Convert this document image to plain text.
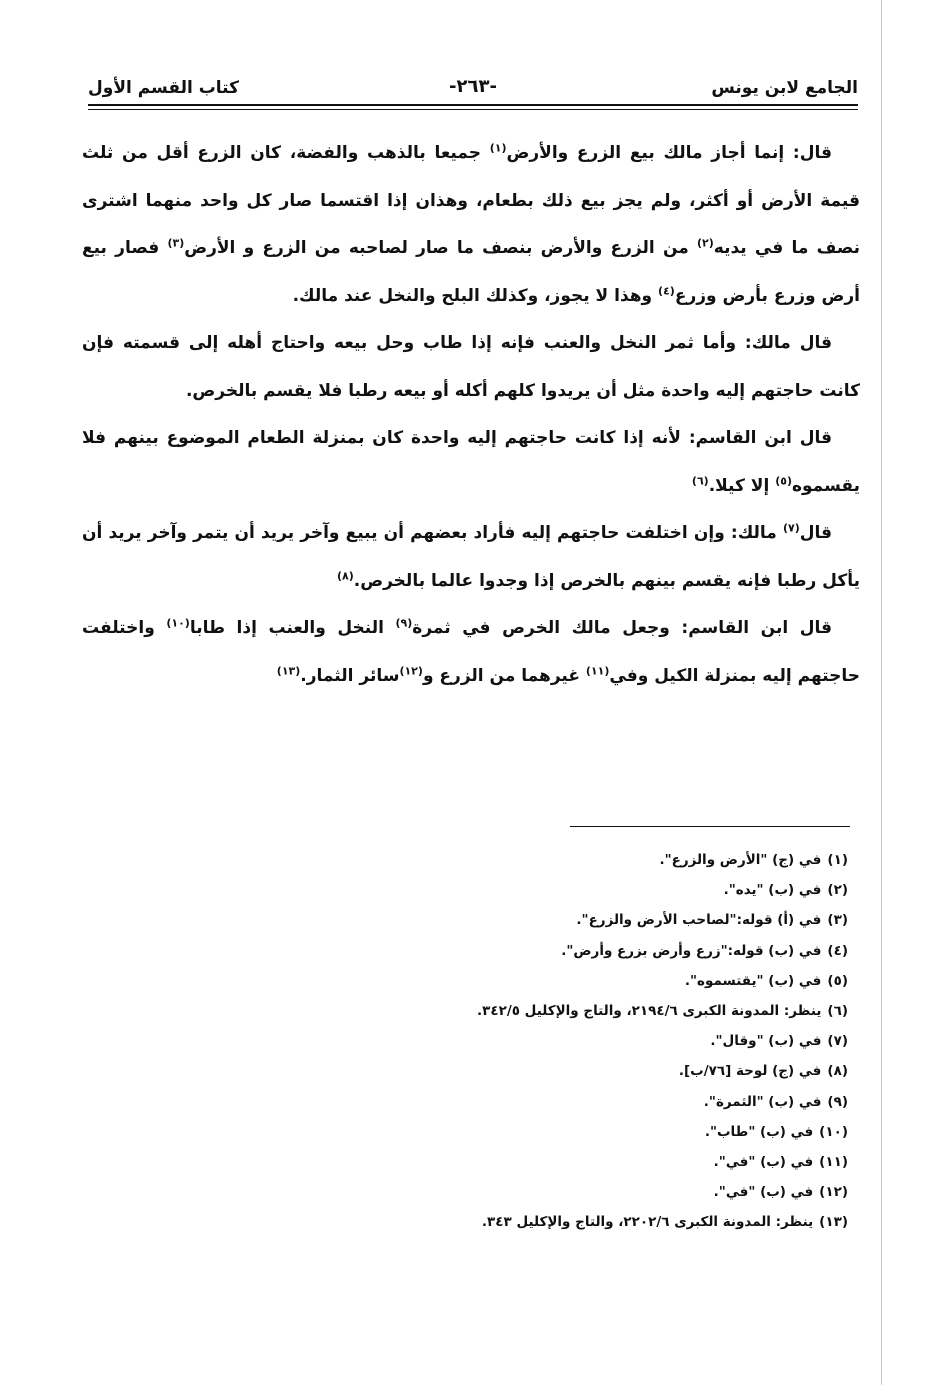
الجامع لابن يونس
-٢٦٣-
كتاب القسم الأول

قال: إنما أجاز مالك بيع الزرع والأرض$^{(١)}$ جميعا بالذهب والفضة، كان الزرع أقل من ثلث قيمة الأرض أو أكثر، ولم يجز بيع ذلك بطعام، وهذان إذا اقتسما صار كل واحد منهما اشترى نصف ما في يديه$^{(٢)}$ من الزرع والأرض بنصف ما صار لصاحبه من الزرع و الأرض$^{(٣)}$ فصار بيع أرض وزرع بأرض وزرع$^{(٤)}$ وهذا لا يجوز، وكذلك البلح والنخل عند مالك.

قال مالك: وأما ثمر النخل والعنب فإنه إذا طاب وحل بيعه واحتاج أهله إلى قسمته فإن كانت حاجتهم إليه واحدة مثل أن يريدوا كلهم أكله أو بيعه رطبا فلا يقسم بالخرص.

قال ابن القاسم: لأنه إذا كانت حاجتهم إليه واحدة كان بمنزلة الطعام الموضوع بينهم فلا يقسموه$^{(٥)}$ إلا كيلا.$^{(٦)}$

قال$^{(٧)}$ مالك: وإن اختلفت حاجتهم إليه فأراد بعضهم أن يبيع وآخر يريد أن يتمر وآخر يريد أن يأكل رطبا فإنه يقسم بينهم بالخرص إذا وجدوا عالما بالخرص.$^{(٨)}$

قال ابن القاسم: وجعل مالك الخرص في ثمرة$^{(٩)}$ النخل والعنب إذا طابا$^{(١٠)}$ واختلفت حاجتهم إليه بمنزلة الكيل وفي$^{(١١)}$ غيرهما من الزرع و$^{(١٢)}$سائر الثمار.$^{(١٣)}$

(١)في (ج) "الأرض والزرع".
(٢)في (ب) "يده".
(٣)في (أ) قوله:"لصاحب الأرض والزرع".
(٤)في (ب) قوله:"زرع وأرض بزرع وأرض".
(٥)في (ب) "يقتسموه".
(٦)ينظر: المدونة الكبرى ٢١٩٤/٦، والتاج والإكليل ٣٤٢/٥.
(٧)في (ب) "وقال".
(٨)في (ج) لوحة [٧٦/ب].
(٩)في (ب) "الثمرة".
(١٠)في (ب) "طاب".
(١١)في (ب) "في".
(١٢)في (ب) "في".
(١٣)ينظر: المدونة الكبرى ٢٢٠٢/٦، والتاج والإكليل ٣٤٣.
